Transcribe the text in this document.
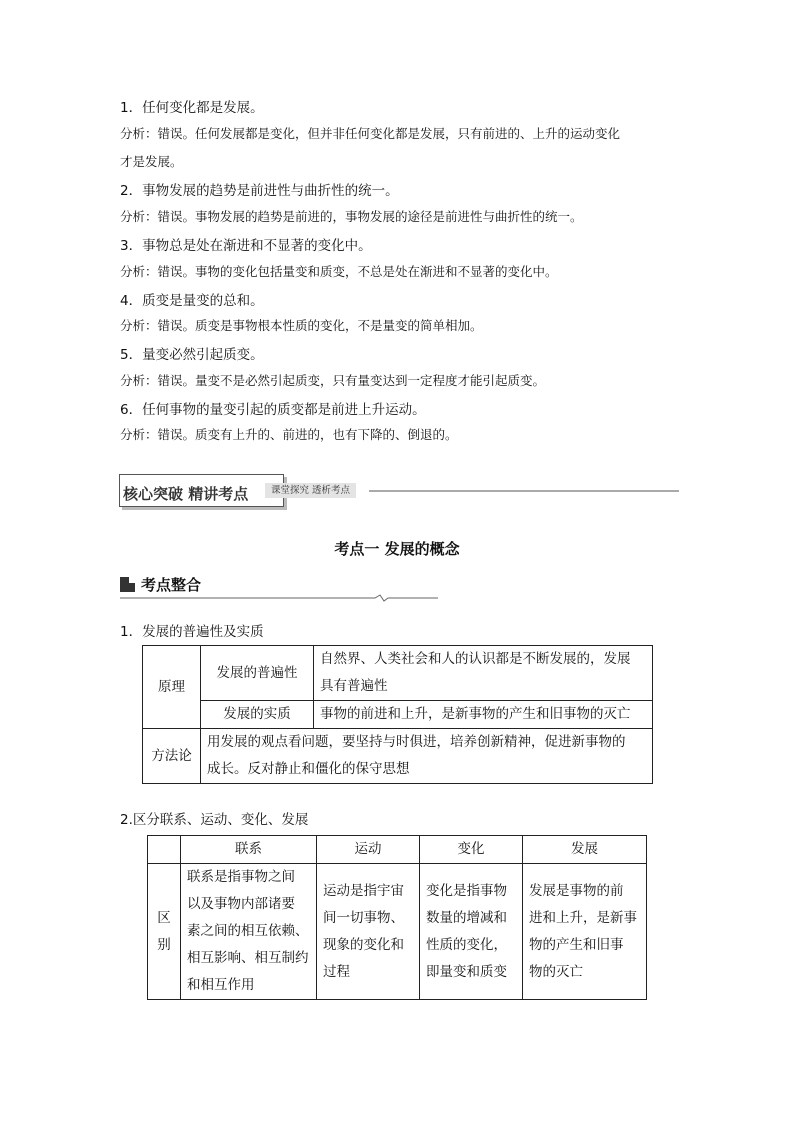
1．任何变化都是发展。
分析：错误。任何发展都是变化，但并非任何变化都是发展，只有前进的、上升的运动变化
才是发展。
2．事物发展的趋势是前进性与曲折性的统一。
分析：错误。事物发展的趋势是前进的，事物发展的途径是前进性与曲折性的统一。
3．事物总是处在渐进和不显著的变化中。
分析：错误。事物的变化包括量变和质变，不总是处在渐进和不显著的变化中。
4．质变是量变的总和。
分析：错误。质变是事物根本性质的变化，不是量变的简单相加。
5．量变必然引起质变。
分析：错误。量变不是必然引起质变，只有量变达到一定程度才能引起质变。
6．任何事物的量变引起的质变都是前进上升运动。
分析：错误。质变有上升的、前进的，也有下降的、倒退的。
核心突破 精讲考点	课堂探究 透析考点
考点一 发展的概念
考点整合
1．发展的普遍性及实质
原理	发展的普遍性	自然界、人类社会和人的认识都是不断发展的，发展
具有普遍性
	发展的实质	事物的前进和上升，是新事物的产生和旧事物的灭亡
方法论	用发展的观点看问题，要坚持与时俱进，培养创新精神，促进新事物的
成长。反对静止和僵化的保守思想	
2.区分联系、运动、变化、发展
	联系	运动	变化	发展
区
别	联系是指事物之间
以及事物内部诸要
素之间的相互依赖、
相互影响、相互制约
和相互作用	运动是指宇宙
间一切事物、
现象的变化和
过程	变化是指事物
数量的增减和
性质的变化，
即量变和质变	发展是事物的前
进和上升，是新事
物的产生和旧事
物的灭亡
